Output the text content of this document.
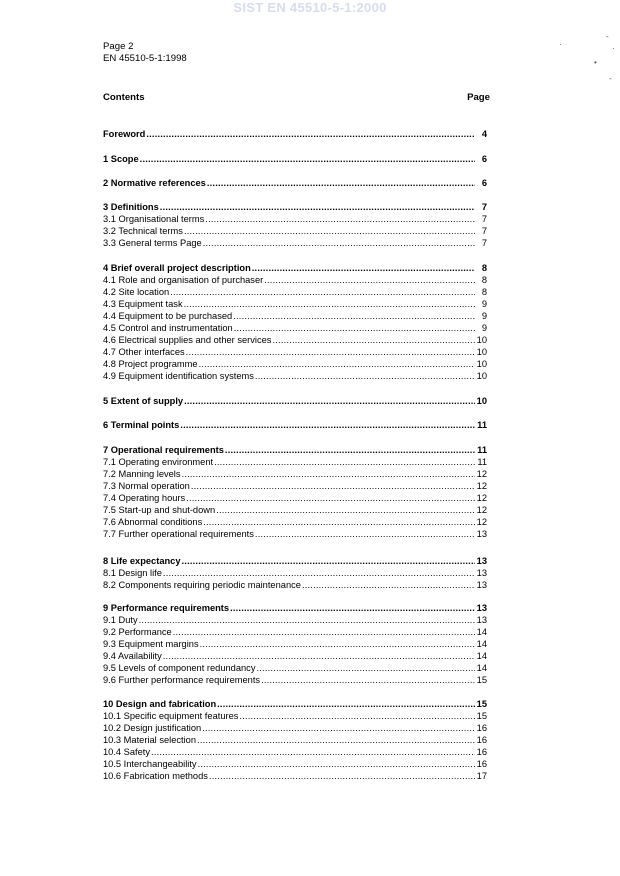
SIST EN 45510-5-1:2000
Page 2
EN 45510-5-1:1998
·
-
·
•
-
Contents	Page
Foreword .....	4
1 Scope .....	6
2 Normative references .....	6
3 Definitions .....	7
3.1 Organisational terms .....	7
3.2 Technical terms .....	7
3.3 General terms Page .....	7
4 Brief overall project description .....	8
4.1 Role and organisation of purchaser .....	8
4.2 Site location .....	8
4.3 Equipment task .....	9
4.4 Equipment to be purchased .....	9
4.5 Control and instrumentation .....	9
4.6 Electrical supplies and other services .....	10
4.7 Other interfaces .....	10
4.8 Project programme .....	10
4.9 Equipment identification systems .....	10
5 Extent of supply .....	10
6 Terminal points .....	11
7 Operational requirements .....	11
7.1 Operating environment .....	11
7.2 Manning levels .....	12
7.3 Normal operation .....	12
7.4 Operating hours .....	12
7.5 Start-up and shut-down .....	12
7.6 Abnormal conditions .....	12
7.7 Further operational requirements .....	13
8 Life expectancy .....	13
8.1 Design life .....	13
8.2 Components requiring periodic maintenance .....	13
9 Performance requirements .....	13
9.1 Duty .....	13
9.2 Performance .....	14
9.3 Equipment margins .....	14
9.4 Availability .....	14
9.5 Levels of component redundancy .....	14
9.6 Further performance requirements .....	15
10 Design and fabrication .....	15
10.1 Specific equipment features .....	15
10.2 Design justification .....	16
10.3 Material selection .....	16
10.4 Safety .....	16
10.5 Interchangeability .....	16
10.6 Fabrication methods .....	17
